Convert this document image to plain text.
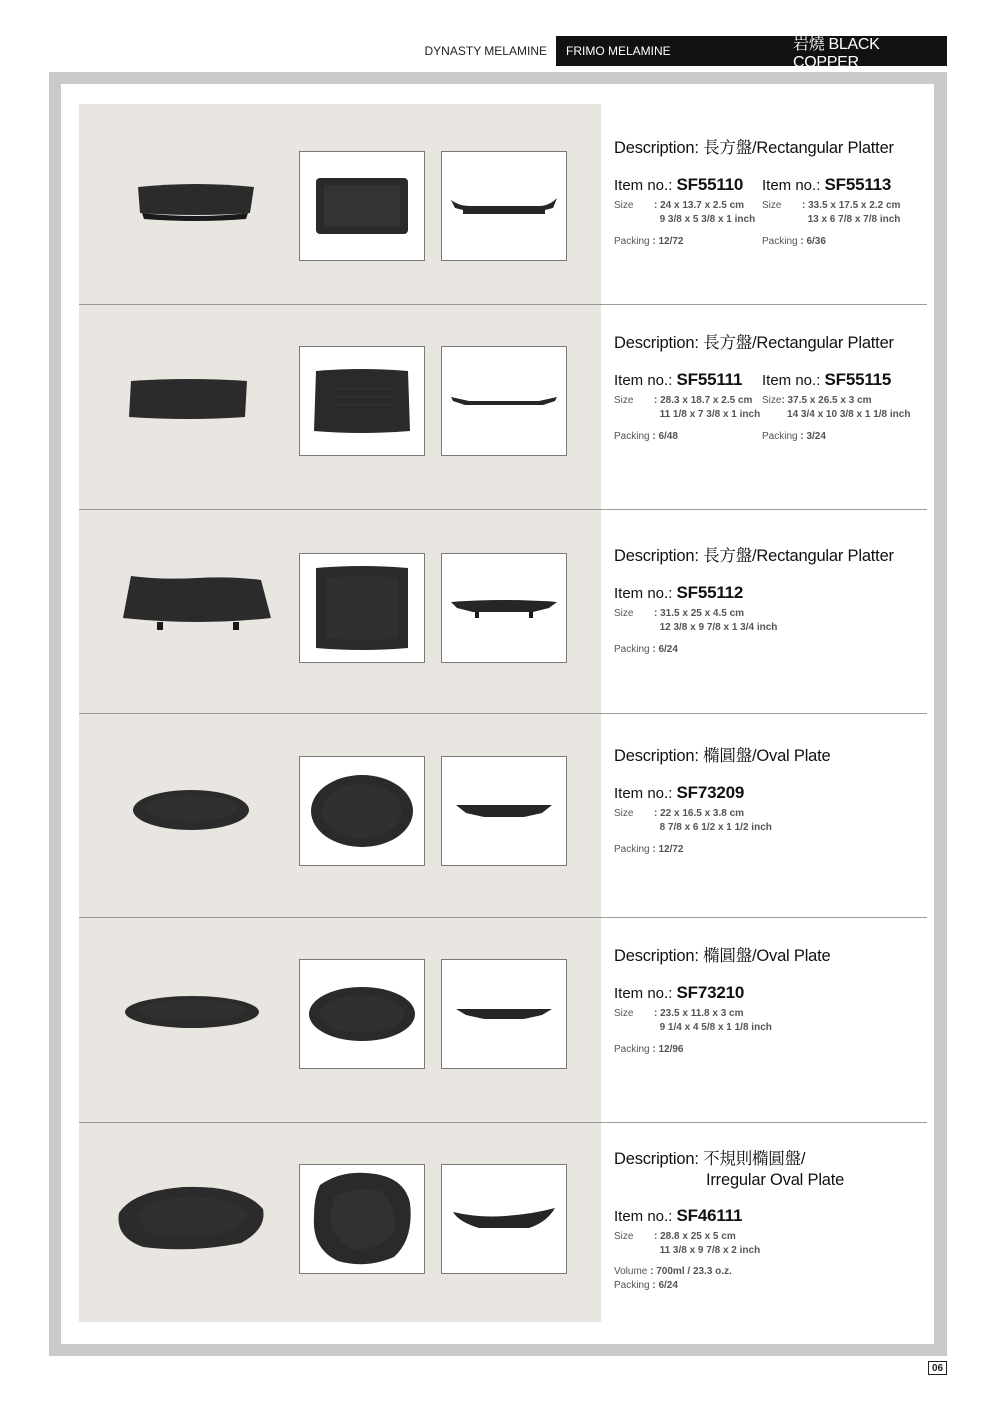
DYNASTY MELAMINE	FRIMO MELAMINE	岩燒 BLACK COPPER
Description: 長方盤/Rectangular Platter
Item no.: SF55110
Size	: 24 x 13.7 x 2.5 cm
9 3/8 x 5 3/8 x 1 inch
Packing : 12/72
Item no.: SF55113
Size	: 33.5 x 17.5 x 2.2 cm
13 x 6 7/8 x 7/8 inch
Packing : 6/36
Description: 長方盤/Rectangular Platter
Item no.: SF55111
Size	: 28.3 x 18.7 x 2.5 cm
11 1/8 x 7 3/8 x 1 inch
Packing : 6/48
Item no.: SF55115
Size : 37.5 x 26.5 x 3 cm
14 3/4 x 10 3/8 x 1 1/8 inch
Packing : 3/24
Description: 長方盤/Rectangular Platter
Item no.: SF55112
Size	: 31.5 x 25 x 4.5 cm
12 3/8 x 9 7/8 x 1 3/4 inch
Packing : 6/24
Description: 橢圓盤/Oval Plate
Item no.: SF73209
Size	: 22 x 16.5 x 3.8 cm
8 7/8 x 6 1/2 x 1 1/2 inch
Packing : 12/72
Description: 橢圓盤/Oval Plate
Item no.: SF73210
Size	: 23.5 x 11.8 x 3 cm
9 1/4 x 4 5/8 x 1 1/8 inch
Packing : 12/96
Description: 不規則橢圓盤/
Irregular Oval Plate
Item no.: SF46111
Size	: 28.8 x 25 x 5 cm
11 3/8 x 9 7/8 x 2 inch
Volume : 700ml / 23.3 o.z.
Packing : 6/24
06
